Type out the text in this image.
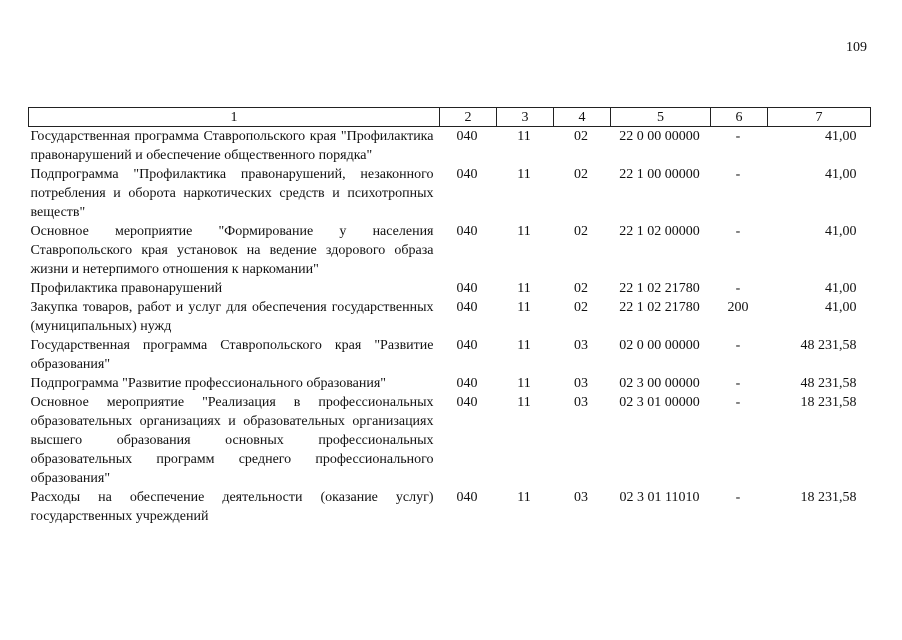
109
1	2	3	4	5	6	7
Государственная программа Ставропольского края "Профилактика правонарушений и обеспечение общественного порядка"	040	11	02	22 0 00 00000	-	41,00
Подпрограмма "Профилактика правонарушений, незаконного потребления и оборота наркотических средств и психотропных веществ"	040	11	02	22 1 00 00000	-	41,00
Основное мероприятие "Формирование у населения Ставропольского края установок на ведение здорового образа жизни и нетерпимого отношения к наркомании"	040	11	02	22 1 02 00000	-	41,00
Профилактика правонарушений	040	11	02	22 1 02 21780	-	41,00
Закупка товаров, работ и услуг для обеспечения государственных (муниципальных) нужд	040	11	02	22 1 02 21780	200	41,00
Государственная программа Ставропольского края "Развитие образования"	040	11	03	02 0 00 00000	-	48 231,58
Подпрограмма "Развитие профессионального образования"	040	11	03	02 3 00 00000	-	48 231,58
Основное мероприятие "Реализация в профессиональных образовательных организациях и образовательных организациях высшего образования основных профессиональных образовательных программ среднего профессионального образования"	040	11	03	02 3 01 00000	-	18 231,58
Расходы на обеспечение деятельности (оказание услуг) государственных учреждений	040	11	03	02 3 01 11010	-	18 231,58
